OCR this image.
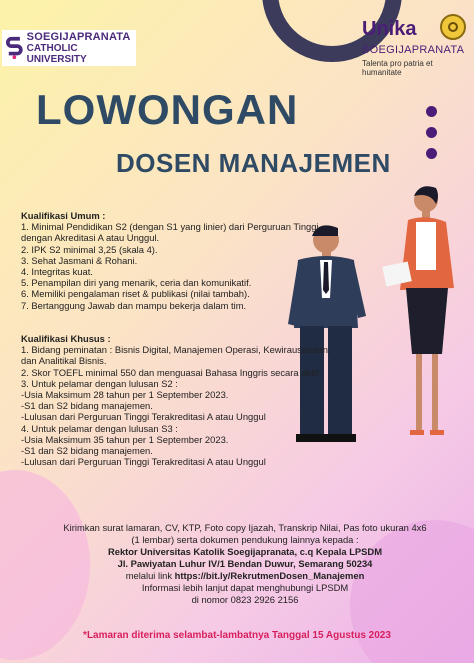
SOEGIJAPRANATA
CATHOLIC UNIVERSITY
Unika
SOEGIJAPRANATA
Talenta pro patria et humanitate
LOWONGAN
DOSEN MANAJEMEN
Kualifikasi Umum :
1. Minimal Pendidikan S2 (dengan S1 yang linier) dari Perguruan Tinggi dengan Akreditasi A atau Unggul.
2. IPK S2 minimal 3,25 (skala 4).
3. Sehat Jasmani & Rohani.
4. Integritas kuat.
5. Penampilan diri yang menarik, ceria dan komunikatif.
6. Memiliki pengalaman riset & publikasi (nilai tambah).
7. Bertanggung Jawab dan mampu bekerja dalam tim.
Kualifikasi Khusus :
1. Bidang peminatan : Bisnis Digital, Manajemen Operasi, Kewirausahaan, dan Analitikal Bisnis.
2. Skor TOEFL minimal 550 dan menguasai Bahasa Inggris secara aktif.
3. Untuk pelamar dengan lulusan S2 :
-Usia Maksimum 28 tahun per 1 September 2023.
-S1 dan S2 bidang manajemen.
-Lulusan dari Perguruan Tinggi Terakreditasi A atau Unggul
4. Untuk pelamar dengan lulusan S3 :
-Usia Maksimum 35 tahun per 1 September 2023.
-S1 dan S2 bidang manajemen.
-Lulusan dari Perguruan Tinggi Terakreditasi A atau Unggul
Kirimkan surat lamaran, CV, KTP, Foto copy Ijazah, Transkrip Nilai, Pas foto ukuran 4x6
(1 lembar) serta dokumen pendukung lainnya kepada :
Rektor Universitas Katolik Soegijapranata, c.q Kepala LPSDM
Jl. Pawiyatan Luhur IV/1 Bendan Duwur, Semarang 50234
melalui link https://bit.ly/RekrutmenDosen_Manajemen
Informasi lebih lanjut dapat menghubungi LPSDM
di nomor 0823 2926 2156
*Lamaran diterima selambat-lambatnya Tanggal 15 Agustus 2023
